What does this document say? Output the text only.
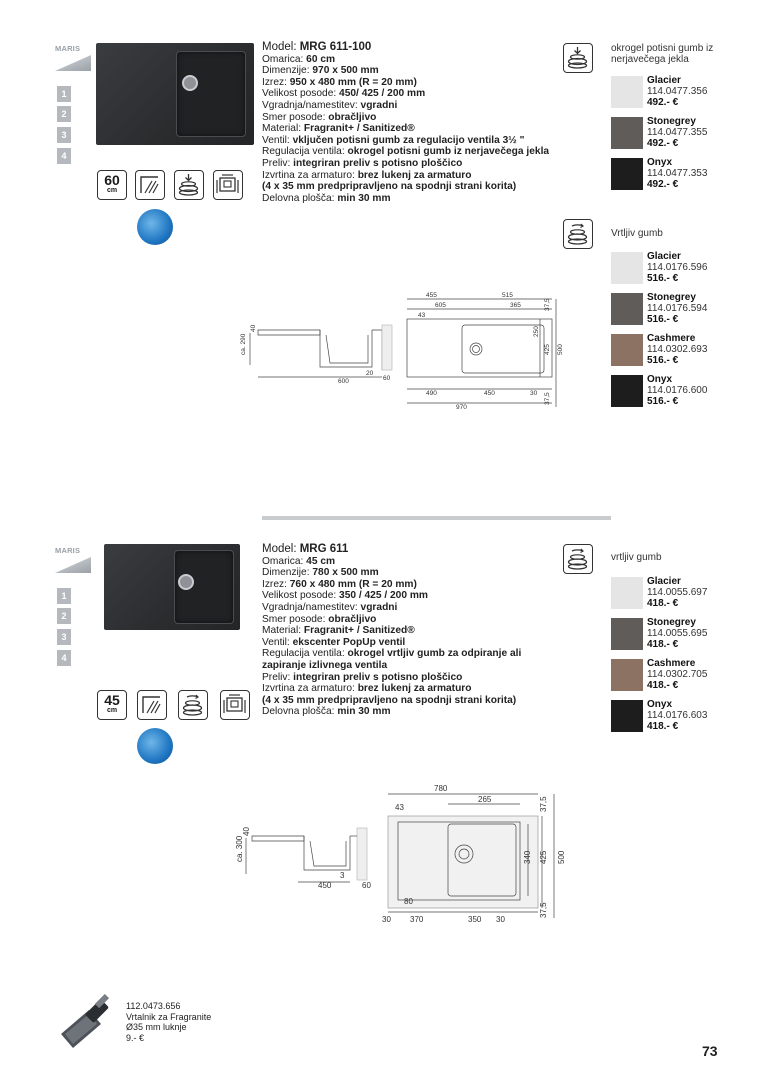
MARIS
1
2
3
4
60
cm
Model: MRG 611-100
Omarica: 60 cm
Dimenzije: 970 x 500 mm
Izrez: 950 x 480 mm (R = 20 mm)
Velikost posode: 450/ 425 / 200 mm
Vgradnja/namestitev: vgradni
Smer posode: obračljivo
Material: Fragranit+ / Sanitized®
Ventil: vključen potisni gumb za regulacijo ventila 3½ "
Regulacija ventila: okrogel potisni gumb iz nerjavečega jekla
Preliv: integriran preliv s potisno ploščico
Izvrtina za armaturo: brez lukenj za armaturo
(4 x 35 mm predpripravljeno na spodnji strani korita)
Delovna plošča: min 30 mm
okrogel potisni gumb iz nerjavečega jekla
Glacier
114.0477.356
492.- €
Stonegrey
114.0477.355
492.- €
Onyx
114.0477.353
492.- €
Vrtljiv gumb
Glacier
114.0176.596
516.- €
Stonegrey
114.0176.594
516.- €
Cashmere
114.0302.693
516.- €
Onyx
114.0176.600
516.- €
ca. 290
40
600
20
60
455	515
605	365
43
250
425 500
37,5
37,5
490	450	30
970
MARIS
1
2
3
4
45
cm
Model: MRG 611
Omarica: 45 cm
Dimenzije: 780 x 500 mm
Izrez: 760 x 480 mm (R = 20 mm)
Velikost posode: 350 / 425 / 200 mm
Vgradnja/namestitev: vgradni
Smer posode: obračljivo
Material: Fragranit+ / Sanitized®
Ventil: ekscenter PopUp ventil
Regulacija ventila: okrogel vrtljiv gumb za odpiranje ali zapiranje izlivnega ventila
Preliv: integriran preliv s potisno ploščico
Izvrtina za armaturo: brez lukenj za armaturo
(4 x 35 mm predpripravljeno na spodnji strani korita)
Delovna plošča: min 30 mm
vrtljiv gumb
Glacier
114.0055.697
418.- €
Stonegrey
114.0055.695
418.- €
Cashmere
114.0302.705
418.- €
Onyx
114.0176.603
418.- €
ca. 300
40
450	60
3
780
265
43
340 425 500
37,5
37,5
80
30 370	350 30
112.0473.656
Vrtalnik za Fragranite
Ø35 mm luknje
9.- €
73
